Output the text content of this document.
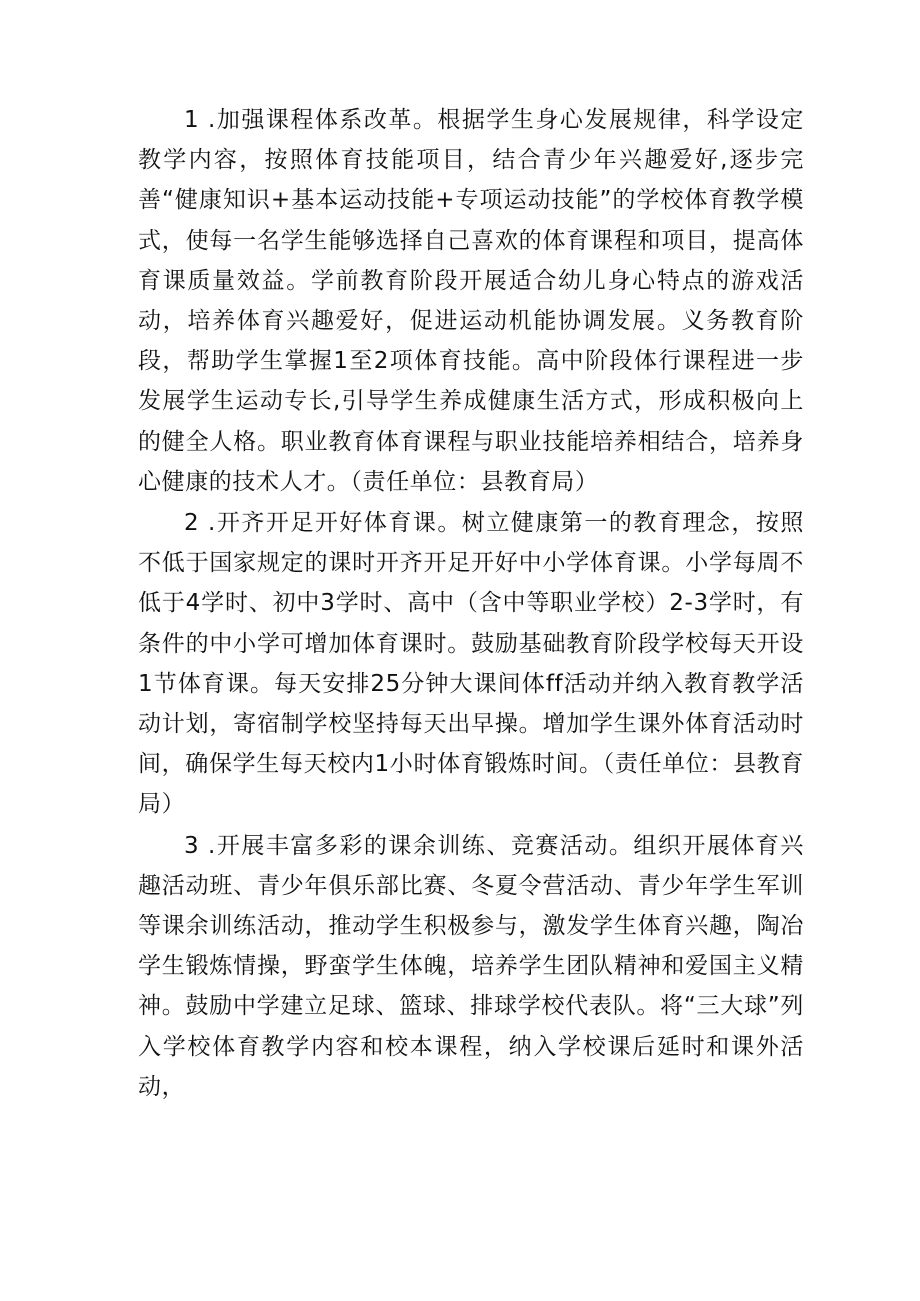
1 .加强课程体系改革。根据学生身心发展规律，科学设定教学内容，按照体育技能项目，结合青少年兴趣爱好,逐步完善“健康知识+基本运动技能+专项运动技能”的学校体育教学模式，使每一名学生能够选择自己喜欢的体育课程和项目，提高体育课质量效益。学前教育阶段开展适合幼儿身心特点的游戏活动，培养体育兴趣爱好，促进运动机能协调发展。义务教育阶段，帮助学生掌握1至2项体育技能。高中阶段体行课程进一步发展学生运动专长,引导学生养成健康生活方式，形成积极向上的健全人格。职业教育体育课程与职业技能培养相结合，培养身心健康的技术人才。（责任单位：县教育局）

2 .开齐开足开好体育课。树立健康第一的教育理念，按照不低于国家规定的课时开齐开足开好中小学体育课。小学每周不低于4学时、初中3学时、高中（含中等职业学校）2-3学时，有条件的中小学可增加体育课时。鼓励基础教育阶段学校每天开设1节体育课。每天安排25分钟大课间体ff活动并纳入教育教学活动计划，寄宿制学校坚持每天出早操。增加学生课外体育活动时间，确保学生每天校内1小时体育锻炼时间。（责任单位：县教育局）

3 .开展丰富多彩的课余训练、竞赛活动。组织开展体育兴趣活动班、青少年俱乐部比赛、冬夏令营活动、青少年学生军训等课余训练活动，推动学生积极参与，激发学生体育兴趣，陶冶学生锻炼情操，野蛮学生体魄，培养学生团队精神和爱国主义精神。鼓励中学建立足球、篮球、排球学校代表队。将“三大球”列入学校体育教学内容和校本课程，纳入学校课后延时和课外活动，
